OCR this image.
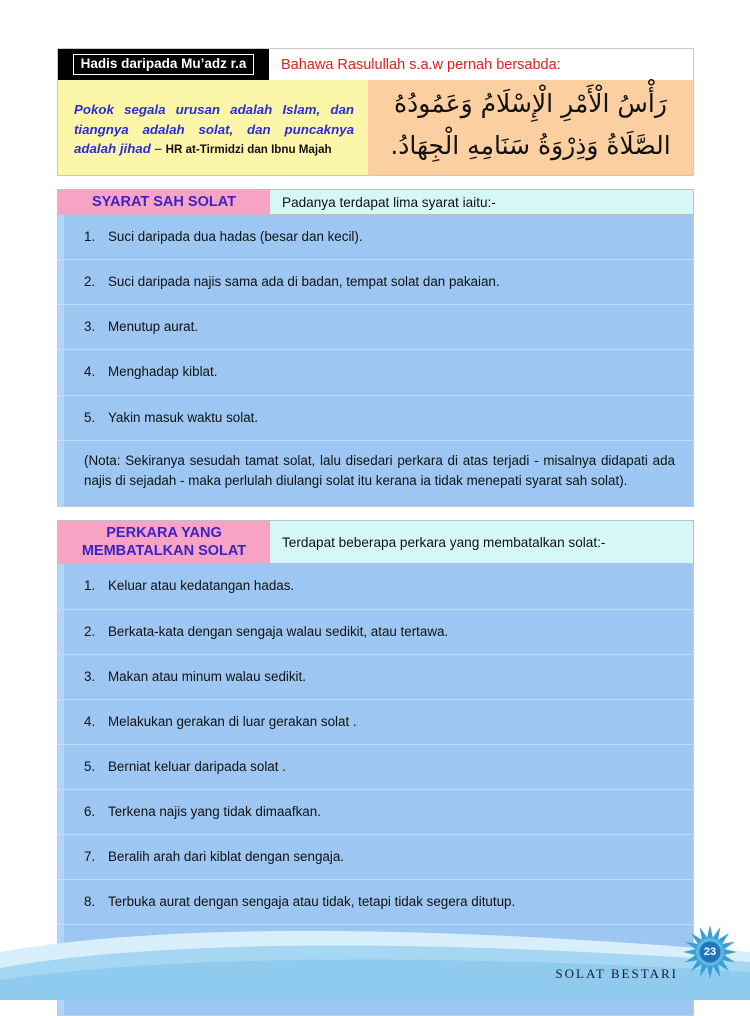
Hadis daripada Mu’adz r.a	Bahawa Rasulullah s.a.w pernah bersabda:

Pokok segala urusan adalah Islam, dan tiangnya adalah solat, dan puncaknya adalah jihad – HR at-Tirmidzi dan Ibnu Majah

رَأْسُ الْأَمْرِ الْإِسْلَامُ وَعَمُودُهُ الصَّلَاةُ وَذِرْوَةُ سَنَامِهِ الْجِهَادُ.

SYARAT SAH SOLAT	Padanya terdapat lima syarat iaitu:-
1. Suci daripada dua hadas (besar dan kecil).
2. Suci daripada najis sama ada di badan, tempat solat dan pakaian.
3. Menutup aurat.
4. Menghadap kiblat.
5. Yakin masuk waktu solat.
(Nota: Sekiranya sesudah tamat solat, lalu disedari perkara di atas terjadi - misalnya didapati ada najis di sejadah - maka perlulah diulangi solat itu kerana ia tidak menepati syarat sah solat).
PERKARA YANG MEMBATALKAN SOLAT
Terdapat beberapa perkara yang membatalkan solat:-
1. Keluar atau kedatangan hadas.
2. Berkata-kata dengan sengaja walau sedikit, atau tertawa.
3. Makan atau minum walau sedikit.
4. Melakukan gerakan di luar gerakan solat .
5. Berniat keluar daripada solat .
6. Terkena najis yang tidak dimaafkan.
7. Beralih arah dari kiblat dengan sengaja.
8. Terbuka aurat dengan sengaja atau tidak, tetapi tidak segera ditutup.
SOLAT BESTARI
23
